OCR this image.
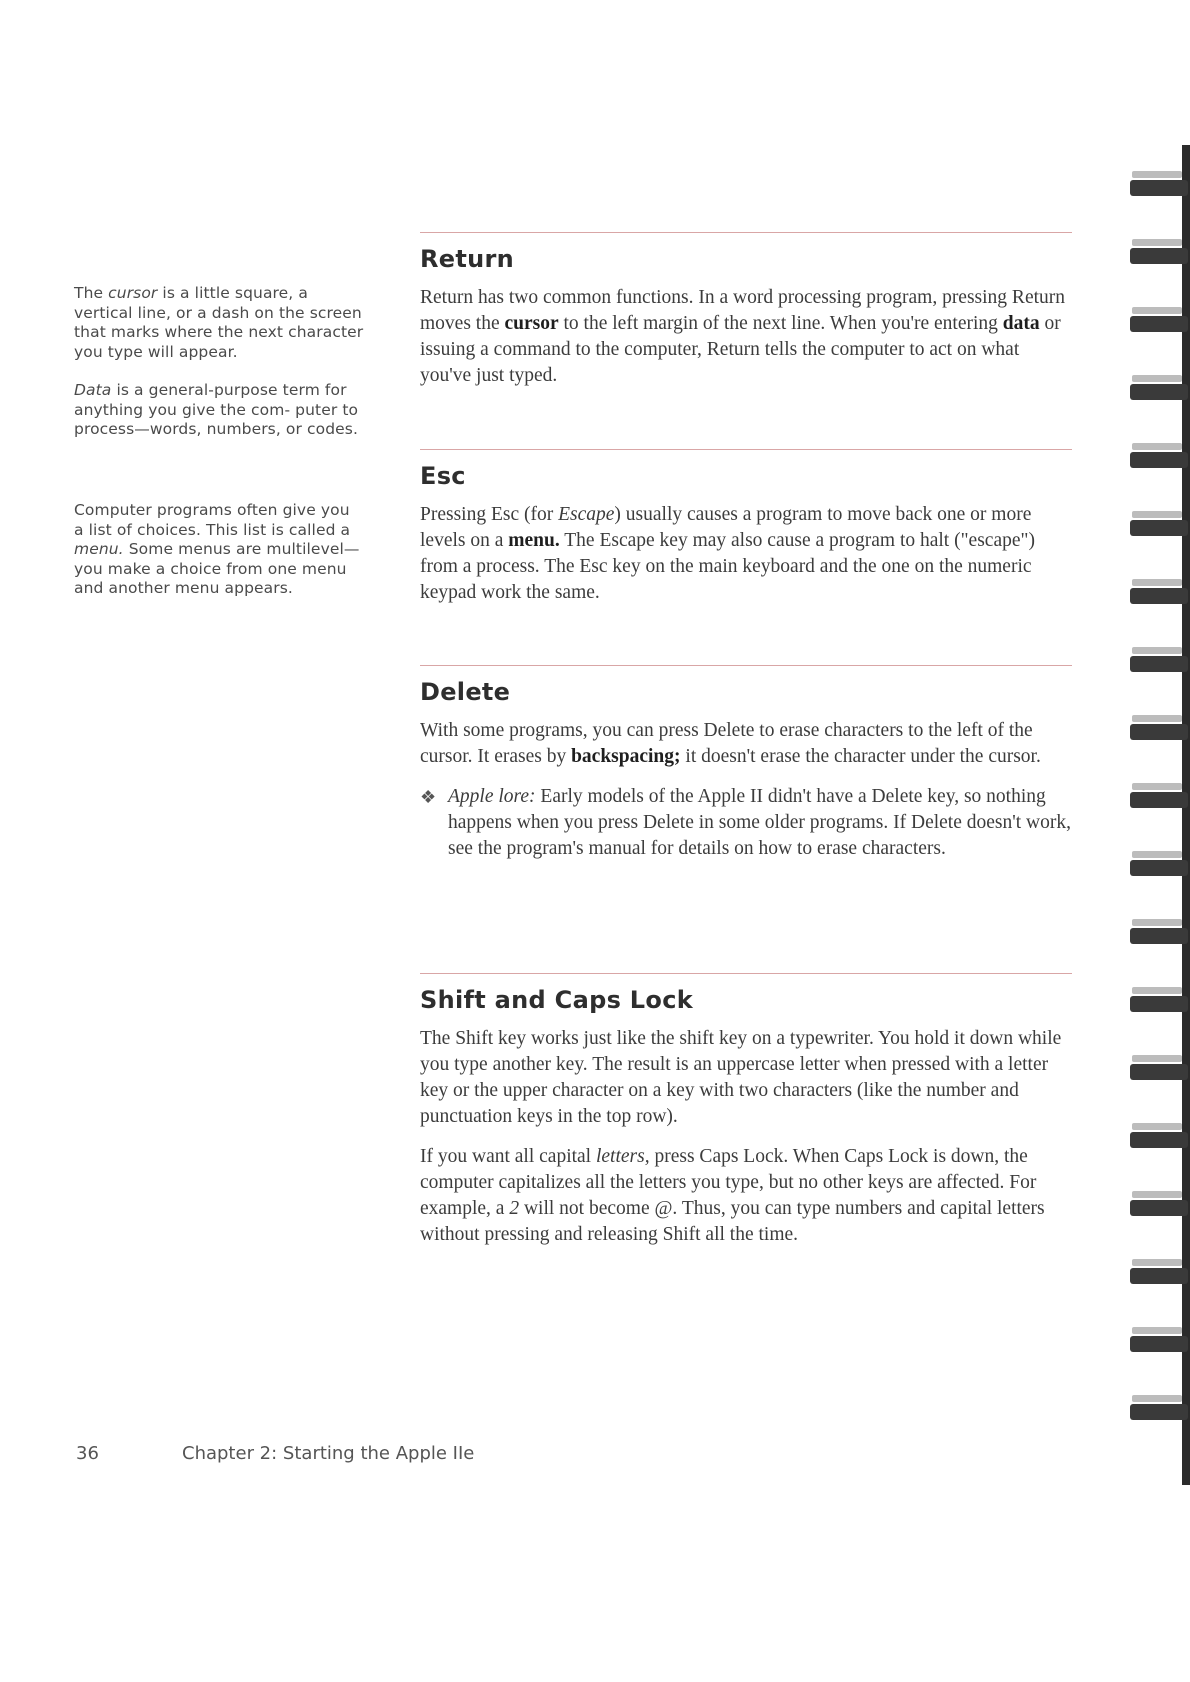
The cursor is a little square, a vertical line, or a dash on the screen that marks where the next character you type will appear.
Data is a general-purpose term for anything you give the com- puter to process—words, numbers, or codes.
Computer programs often give you a list of choices. This list is called a menu. Some menus are multilevel—you make a choice from one menu and another menu appears.
Return

Return has two common functions. In a word processing program, pressing Return moves the cursor to the left margin of the next line. When you're entering data or issuing a command to the computer, Return tells the computer to act on what you've just typed.

Esc

Pressing Esc (for Escape) usually causes a program to move back one or more levels on a menu. The Escape key may also cause a program to halt ("escape") from a process. The Esc key on the main keyboard and the one on the numeric keypad work the same.

Delete

With some programs, you can press Delete to erase characters to the left of the cursor. It erases by backspacing; it doesn't erase the character under the cursor.

❖ Apple lore: Early models of the Apple II didn't have a Delete key, so nothing happens when you press Delete in some older programs. If Delete doesn't work, see the program's manual for details on how to erase characters.

Shift and Caps Lock

The Shift key works just like the shift key on a typewriter. You hold it down while you type another key. The result is an uppercase letter when pressed with a letter key or the upper character on a key with two characters (like the number and punctuation keys in the top row).

If you want all capital letters, press Caps Lock. When Caps Lock is down, the computer capitalizes all the letters you type, but no other keys are affected. For example, a 2 will not become @. Thus, you can type numbers and capital letters without pressing and releasing Shift all the time.

36	Chapter 2: Starting the Apple IIe
